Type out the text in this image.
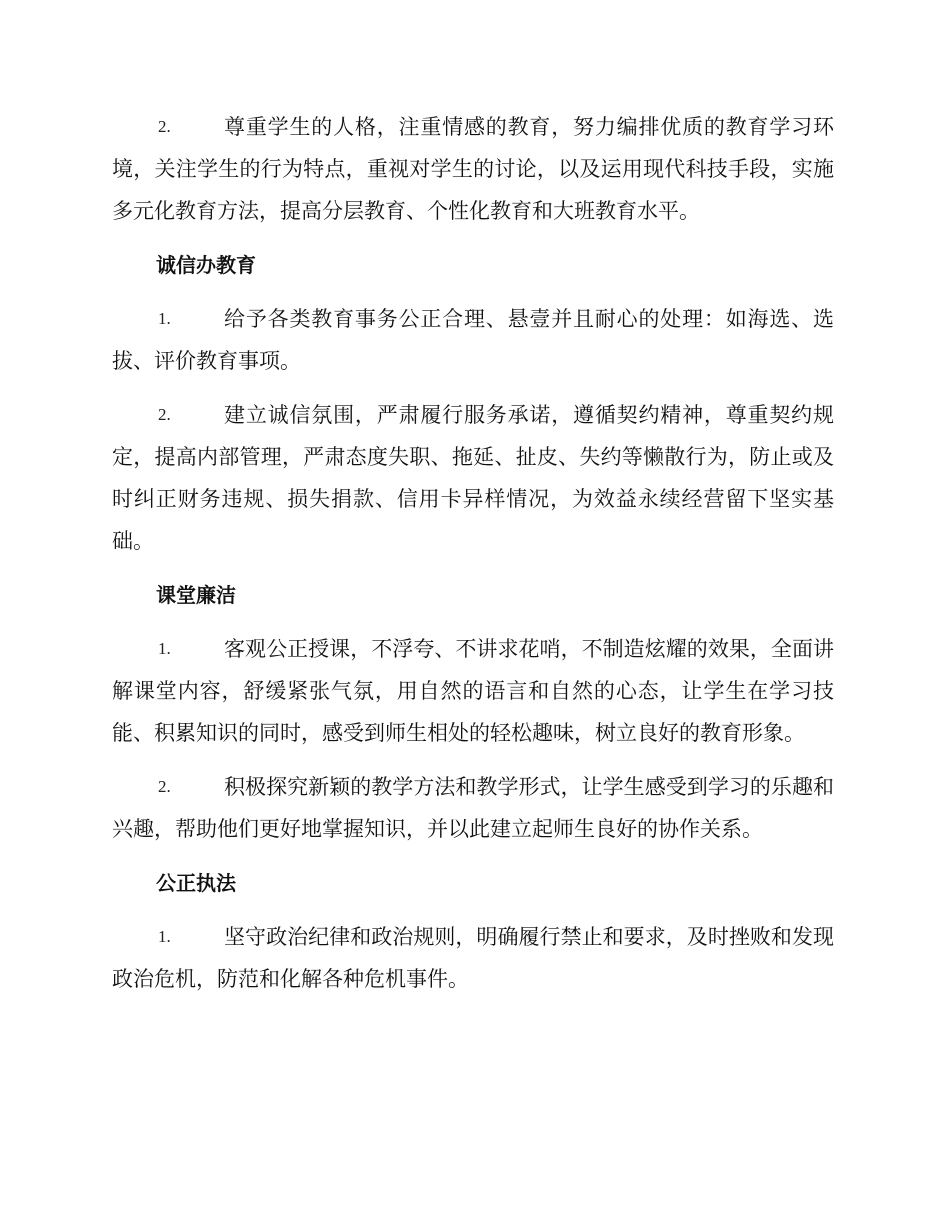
2.	尊重学生的人格，注重情感的教育，努力编排优质的教育学习环境，关注学生的行为特点，重视对学生的讨论，以及运用现代科技手段，实施多元化教育方法，提高分层教育、个性化教育和大班教育水平。
诚信办教育
1.	给予各类教育事务公正合理、悬壹并且耐心的处理：如海选、选拔、评价教育事项。
2.	建立诚信氛围，严肃履行服务承诺，遵循契约精神，尊重契约规定，提高内部管理，严肃态度失职、拖延、扯皮、失约等懒散行为，防止或及时纠正财务违规、损失捐款、信用卡异样情况，为效益永续经营留下坚实基础。
课堂廉洁
1.	客观公正授课，不浮夸、不讲求花哨，不制造炫耀的效果，全面讲解课堂内容，舒缓紧张气氛，用自然的语言和自然的心态，让学生在学习技能、积累知识的同时，感受到师生相处的轻松趣味，树立良好的教育形象。
2.	积极探究新颖的教学方法和教学形式，让学生感受到学习的乐趣和兴趣，帮助他们更好地掌握知识，并以此建立起师生良好的协作关系。
公正执法
1.	坚守政治纪律和政治规则，明确履行禁止和要求，及时挫败和发现政治危机，防范和化解各种危机事件。
